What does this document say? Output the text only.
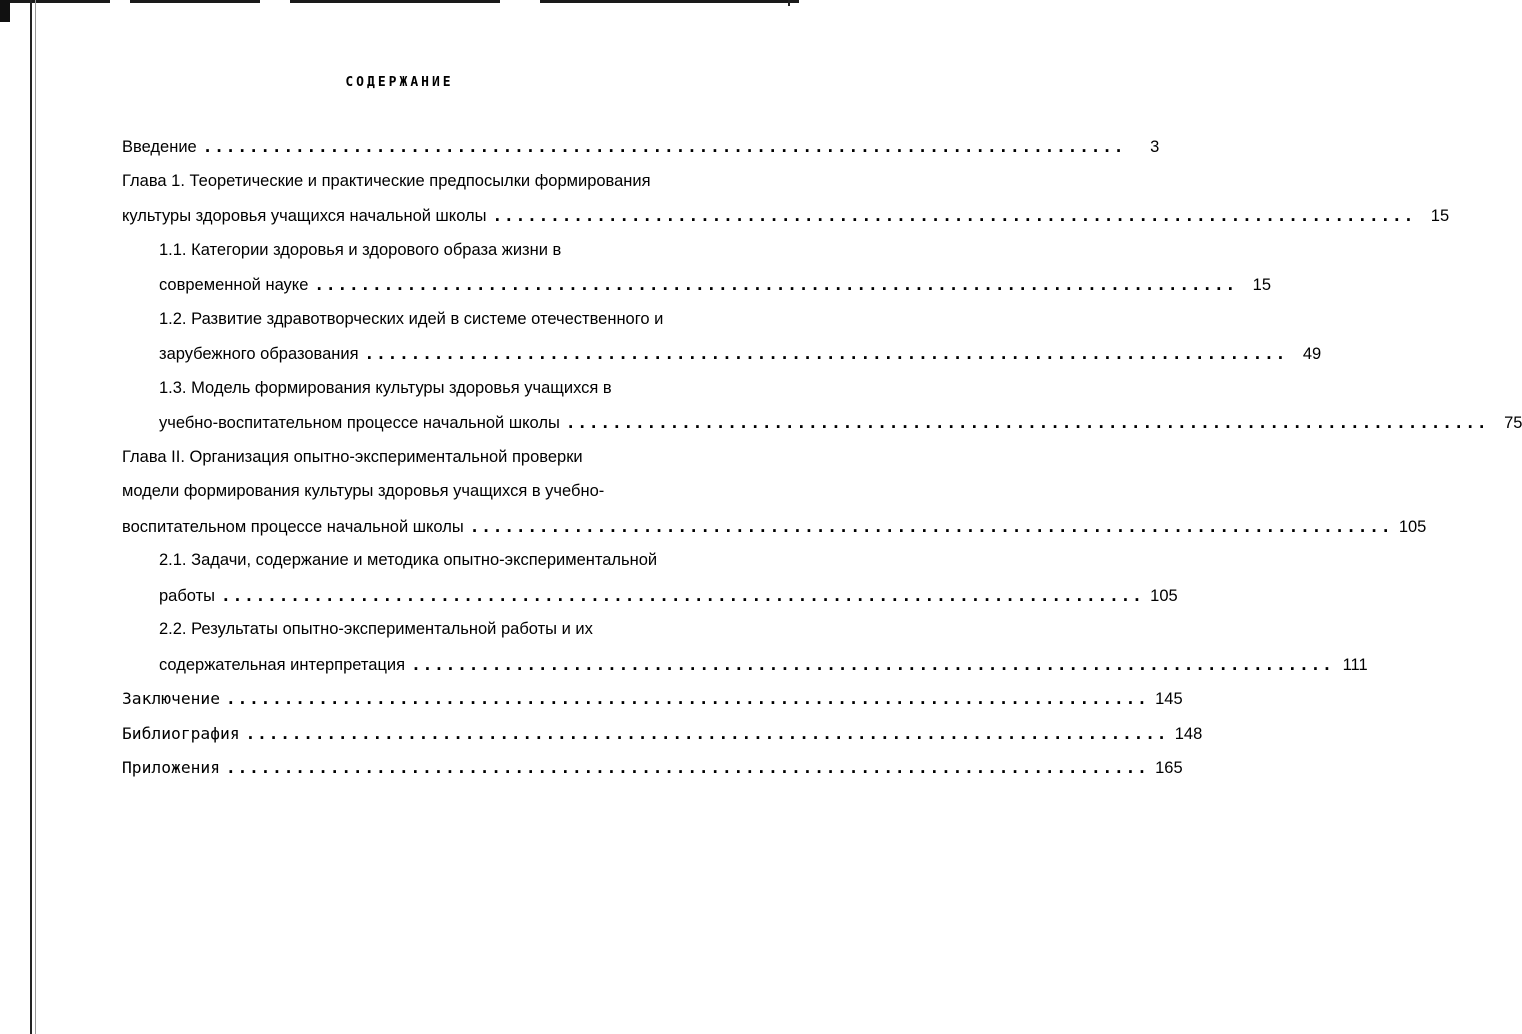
СОДЕРЖАНИЕ
Введение ................................................................................	3
Глава 1. Теоретические и практические предпосылки формирования
культуры здоровья учащихся начальной школы ................................................................................ 15
1.1. Категории здоровья и здорового образа жизни в
современной науке ................................................................................ 15
1.2. Развитие здравотворческих идей в системе отечественного и
зарубежного образования ................................................................................ 49
1.3. Модель формирования культуры здоровья учащихся в
учебно-воспитательном процессе начальной школы ................................................................................ 75
Глава II. Организация опытно-экспериментальной проверки
модели формирования культуры здоровья учащихся в учебно-
воспитательном процессе начальной школы ................................................................................ 105
2.1. Задачи, содержание и методика опытно-экспериментальной
работы ................................................................................ 105
2.2. Результаты опытно-экспериментальной работы и их
содержательная интерпретация ................................................................................ 111
Заключение ................................................................................ 145
Библиография ................................................................................ 148
Приложения ................................................................................ 165
